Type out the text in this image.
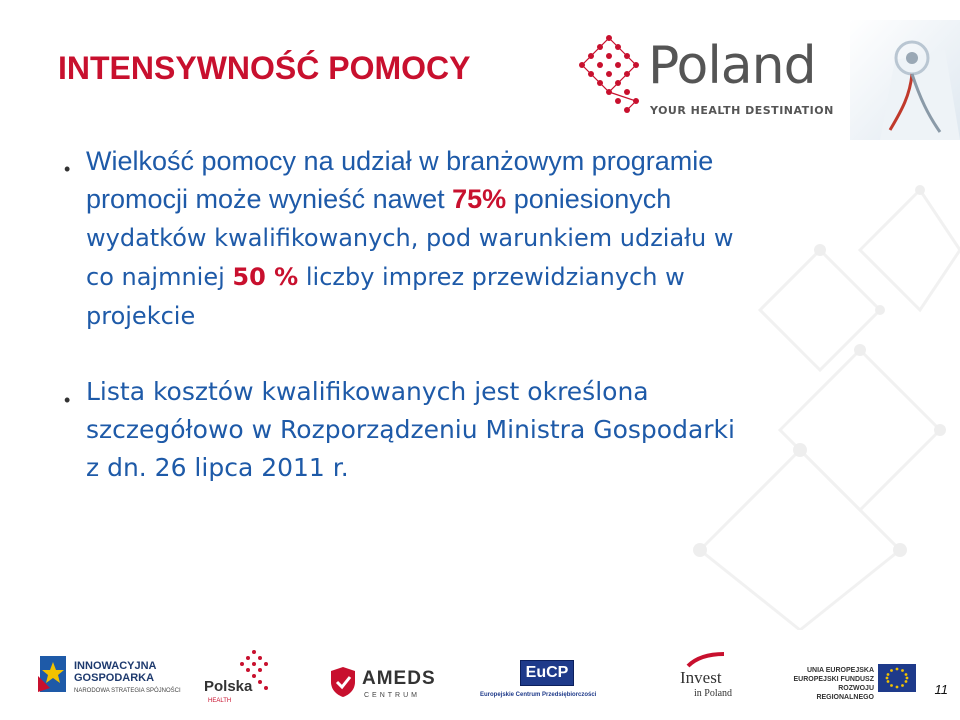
INTENSYWNOŚĆ POMOCY	Poland
YOUR HEALTH DESTINATION
• Wielkość pomocy na udział w branżowym programie
promocji może wynieść nawet 75% poniesionych
wydatków kwalifikowanych, pod warunkiem udziału w
co najmniej 50 % liczby imprez przewidzianych w
projekcie
• Lista kosztów kwalifikowanych jest określona
szczegółowo w Rozporządzeniu Ministra Gospodarki
z dn. 26 lipca 2011 r.
INNOWACYJNA
GOSPODARKA
NARODOWA STRATEGIA SPÓJNOŚCI Polska
HEALTH
AMEDS
CENTRUM
EuCP
Europejskie Centrum Przedsiębiorczości
Invest
in Poland
UNIA EUROPEJSKA
EUROPEJSKI FUNDUSZ
ROZWOJU REGIONALNEGO
11
